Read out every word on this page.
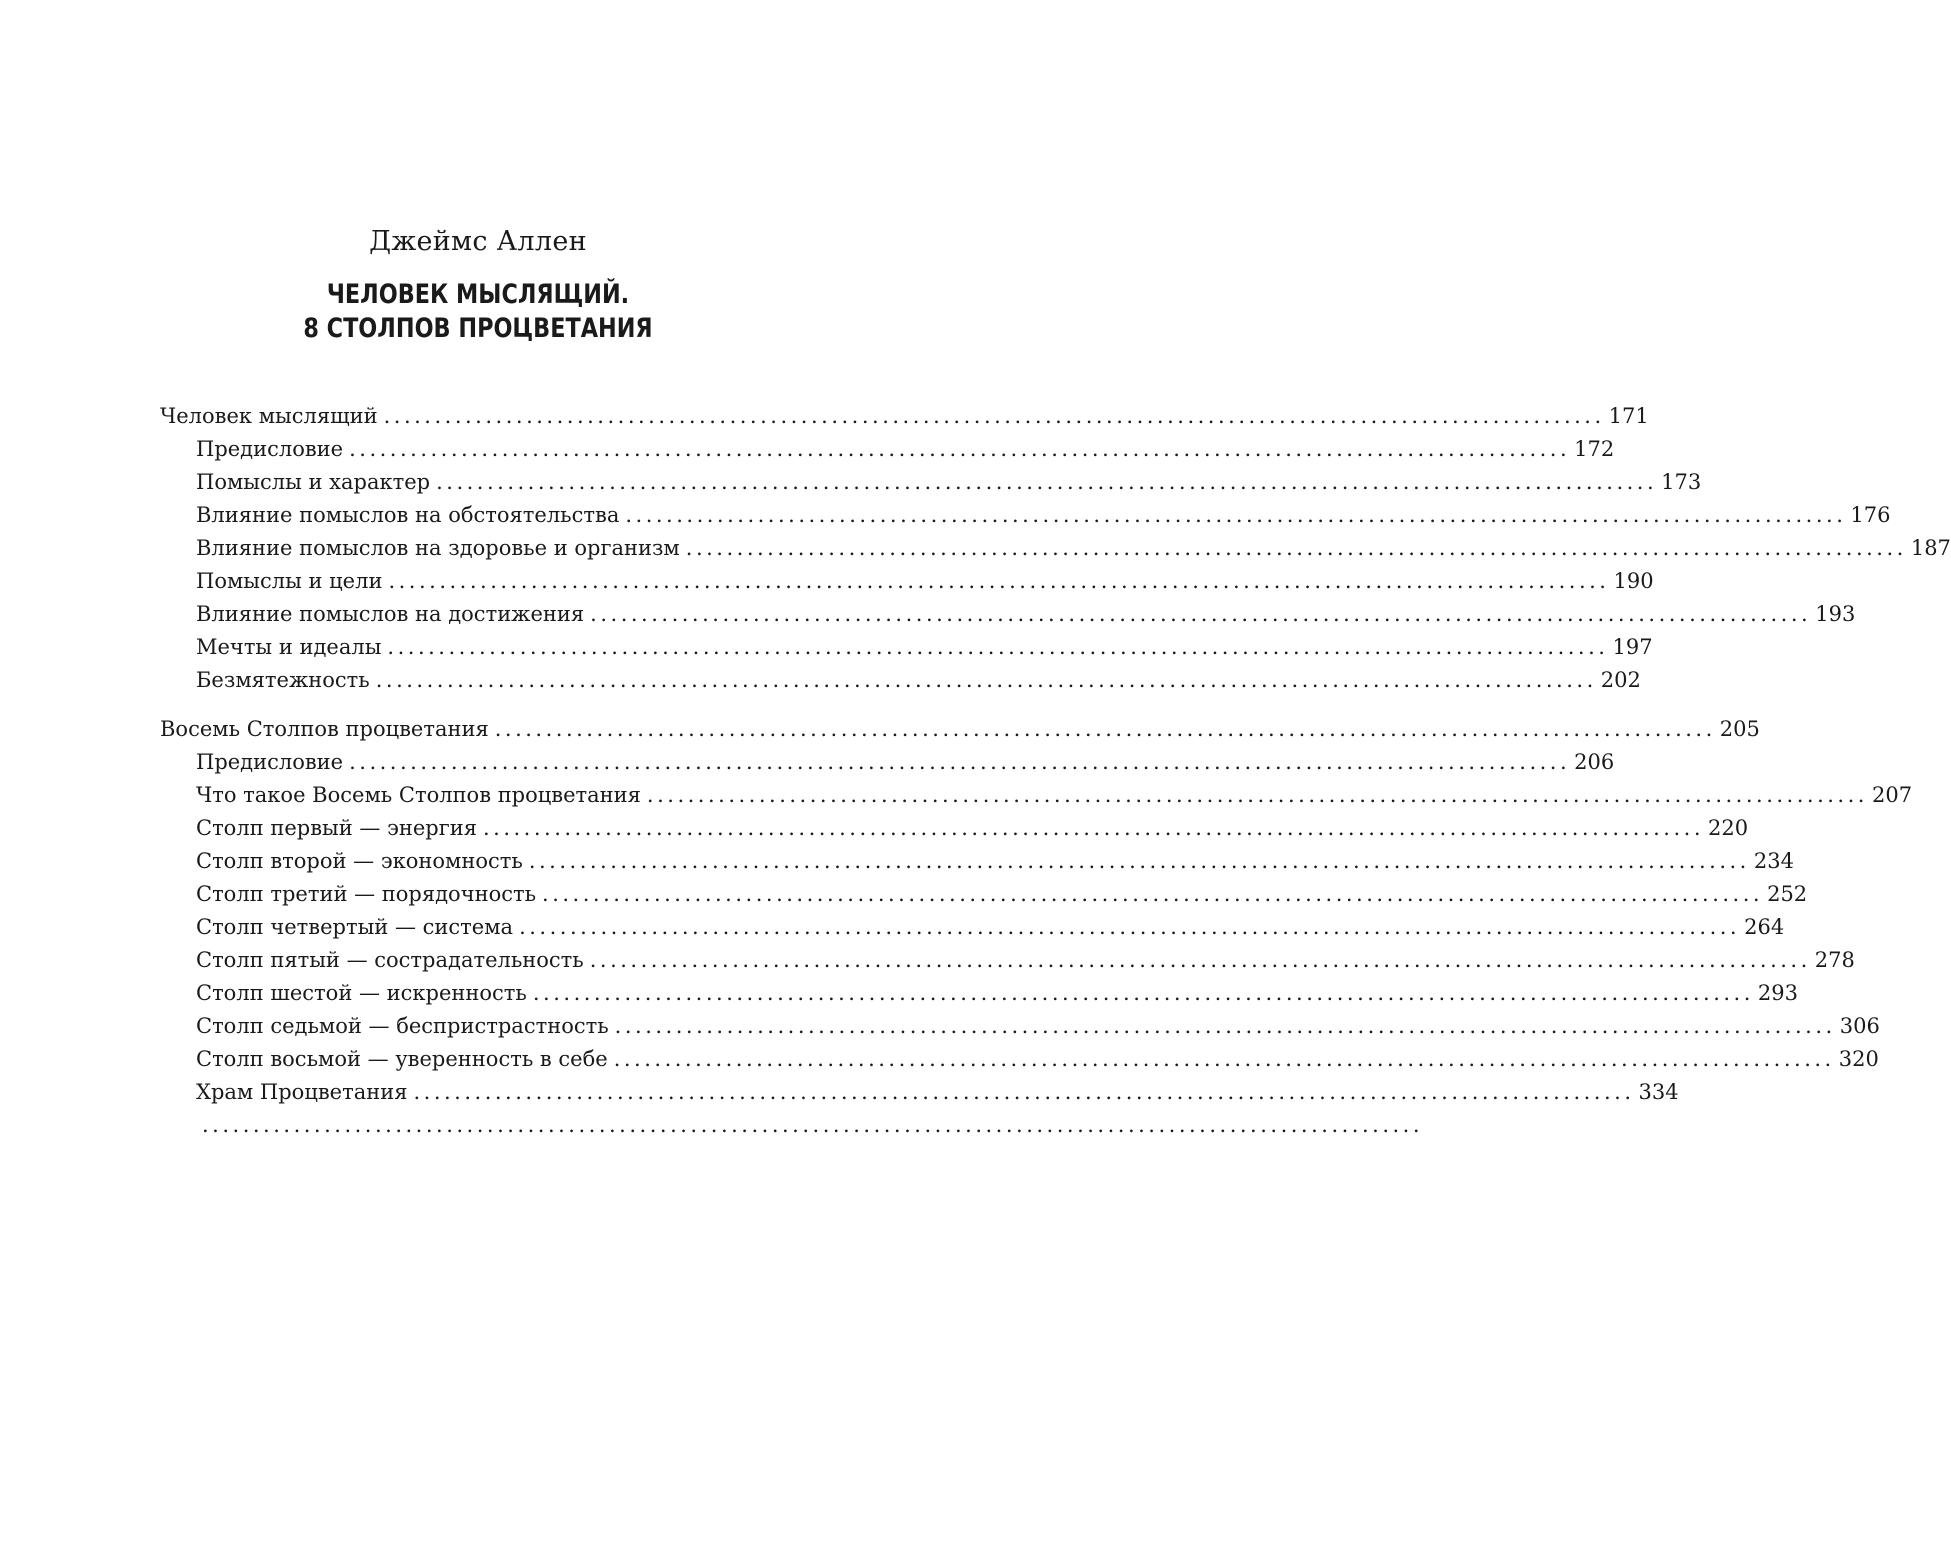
Джеймс Аллен
ЧЕЛОВЕК МЫСЛЯЩИЙ.
8 СТОЛПОВ ПРОЦВЕТАНИЯ
Человек мыслящий ........................................................................................................................ 171
Предисловие ........................................................................................................................ 172
Помыслы и характер ........................................................................................................................ 173
Влияние помыслов на обстоятельства ........................................................................................................................ 176
Влияние помыслов на здоровье и организм ........................................................................................................................ 187
Помыслы и цели ........................................................................................................................ 190
Влияние помыслов на достижения ........................................................................................................................ 193
Мечты и идеалы ........................................................................................................................ 197
Безмятежность ........................................................................................................................ 202
Восемь Столпов процветания ........................................................................................................................ 205
Предисловие ........................................................................................................................ 206
Что такое Восемь Столпов процветания ........................................................................................................................ 207
Столп первый — энергия ........................................................................................................................ 220
Столп второй — экономность ........................................................................................................................ 234
Столп третий — порядочность ........................................................................................................................ 252
Столп четвертый — система ........................................................................................................................ 264
Столп пятый — сострадательность ........................................................................................................................ 278
Столп шестой — искренность ........................................................................................................................ 293
Столп седьмой — беспристрастность ........................................................................................................................ 306
Столп восьмой — уверенность в себе ........................................................................................................................ 320
Храм Процветания ........................................................................................................................ 334
........................................................................................................................
